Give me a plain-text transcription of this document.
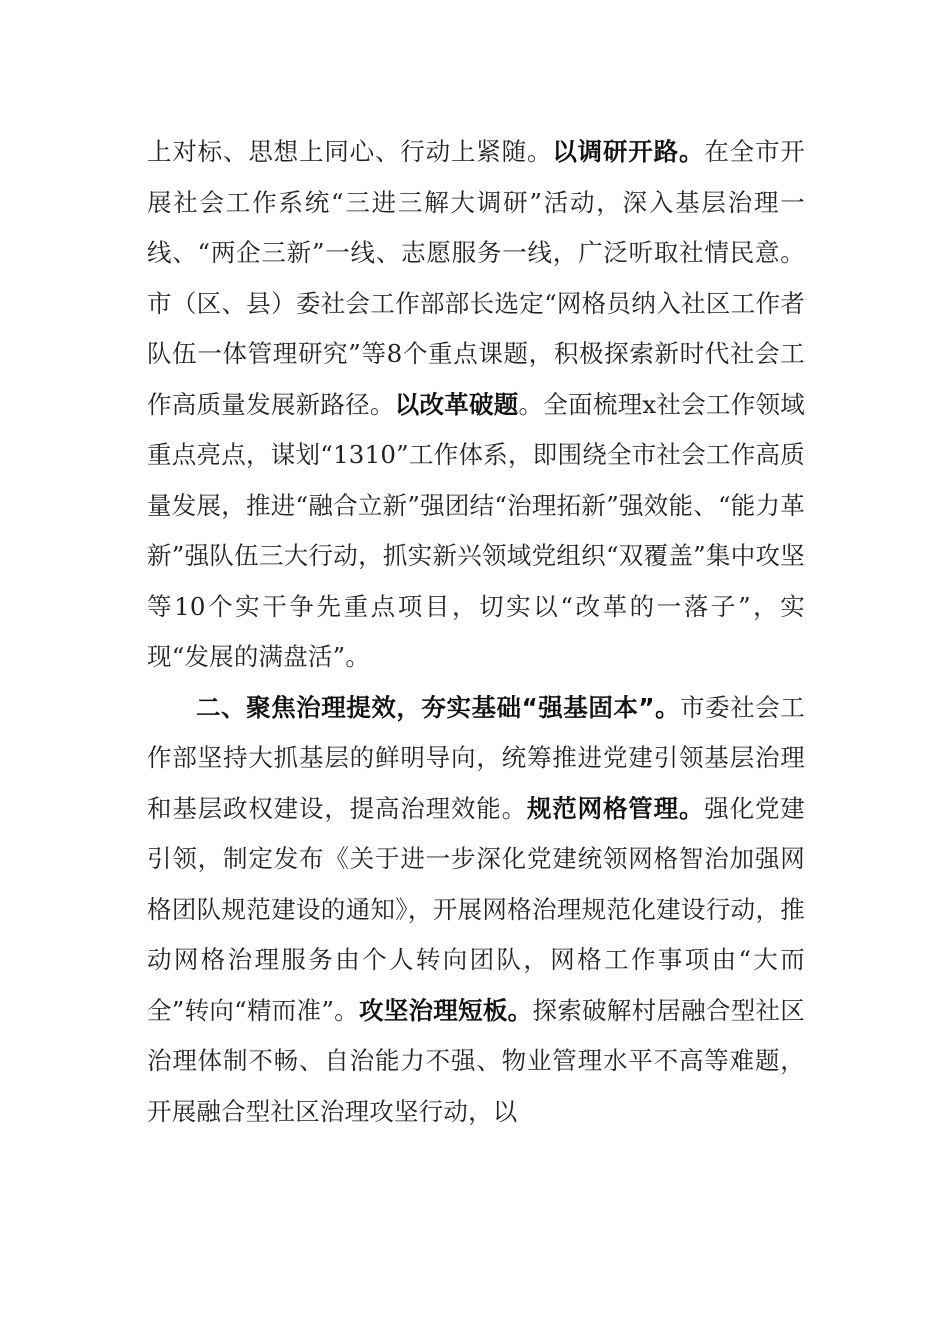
上对标、思想上同心、行动上紧随。以调研开路。在全市开展社会工作系统“三进三解大调研”活动，深入基层治理一线、“两企三新”一线、志愿服务一线，广泛听取社情民意。市（区、县）委社会工作部部长选定“网格员纳入社区工作者队伍一体管理研究”等8个重点课题，积极探索新时代社会工作高质量发展新路径。以改革破题。全面梳理x社会工作领域重点亮点，谋划“1310”工作体系，即围绕全市社会工作高质量发展，推进“融合立新”强团结“治理拓新”强效能、“能力革新”强队伍三大行动，抓实新兴领域党组织“双覆盖”集中攻坚等10个实干争先重点项目，切实以“改革的一落子”，实现“发展的满盘活”。

二、聚焦治理提效，夯实基础“强基固本”。市委社会工作部坚持大抓基层的鲜明导向，统筹推进党建引领基层治理和基层政权建设，提高治理效能。规范网格管理。强化党建引领，制定发布《关于进一步深化党建统领网格智治加强网格团队规范建设的通知》，开展网格治理规范化建设行动，推动网格治理服务由个人转向团队，网格工作事项由“大而全”转向“精而准”。攻坚治理短板。探索破解村居融合型社区治理体制不畅、自治能力不强、物业管理水平不高等难题，开展融合型社区治理攻坚行动，以
